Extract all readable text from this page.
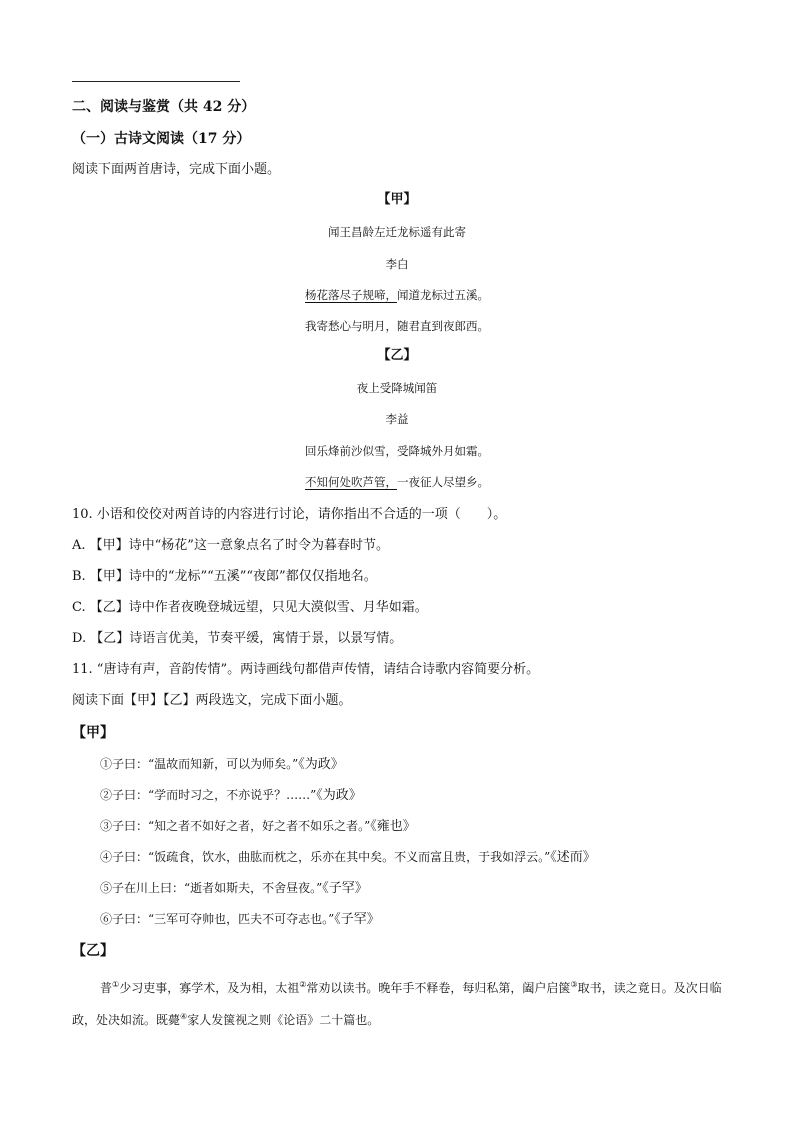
二、阅读与鉴赏（共 42 分）
（一）古诗文阅读（17 分）
阅读下面两首唐诗，完成下面小题。
【甲】
闻王昌龄左迁龙标遥有此寄
李白
杨花落尽子规啼，闻道龙标过五溪。
我寄愁心与明月，随君直到夜郎西。
【乙】
夜上受降城闻笛
李益
回乐烽前沙似雪，受降城外月如霜。
不知何处吹芦管，一夜征人尽望乡。
10. 小语和佼佼对两首诗的内容进行讨论，请你指出不合适的一项（　　）。
A. 【甲】诗中“杨花”这一意象点名了时令为暮春时节。
B. 【甲】诗中的“龙标”“五溪”“夜郎”都仅仅指地名。
C. 【乙】诗中作者夜晚登城远望，只见大漠似雪、月华如霜。
D. 【乙】诗语言优美，节奏平缓，寓情于景，以景写情。
11. “唐诗有声，音韵传情”。两诗画线句都借声传情，请结合诗歌内容简要分析。
阅读下面【甲】【乙】两段选文，完成下面小题。
【甲】
①子曰：“温故而知新，可以为师矣。”《为政》
②子曰：“学而时习之，不亦说乎？……”《为政》
③子曰：“知之者不如好之者，好之者不如乐之者。”《雍也》
④子曰：“饭疏食，饮水，曲肱而枕之，乐亦在其中矣。不义而富且贵，于我如浮云。”《述而》
⑤子在川上曰：“逝者如斯夫，不舍昼夜。”《子罕》
⑥子曰：“三军可夺帅也，匹夫不可夺志也。”《子罕》
【乙】
普①少习吏事，寡学术，及为相，太祖②常劝以读书。晚年手不释卷，每归私第，阖户启箧③取书，读之竟日。及次日临政，处决如流。既薨④家人发箧视之则《论语》二十篇也。
